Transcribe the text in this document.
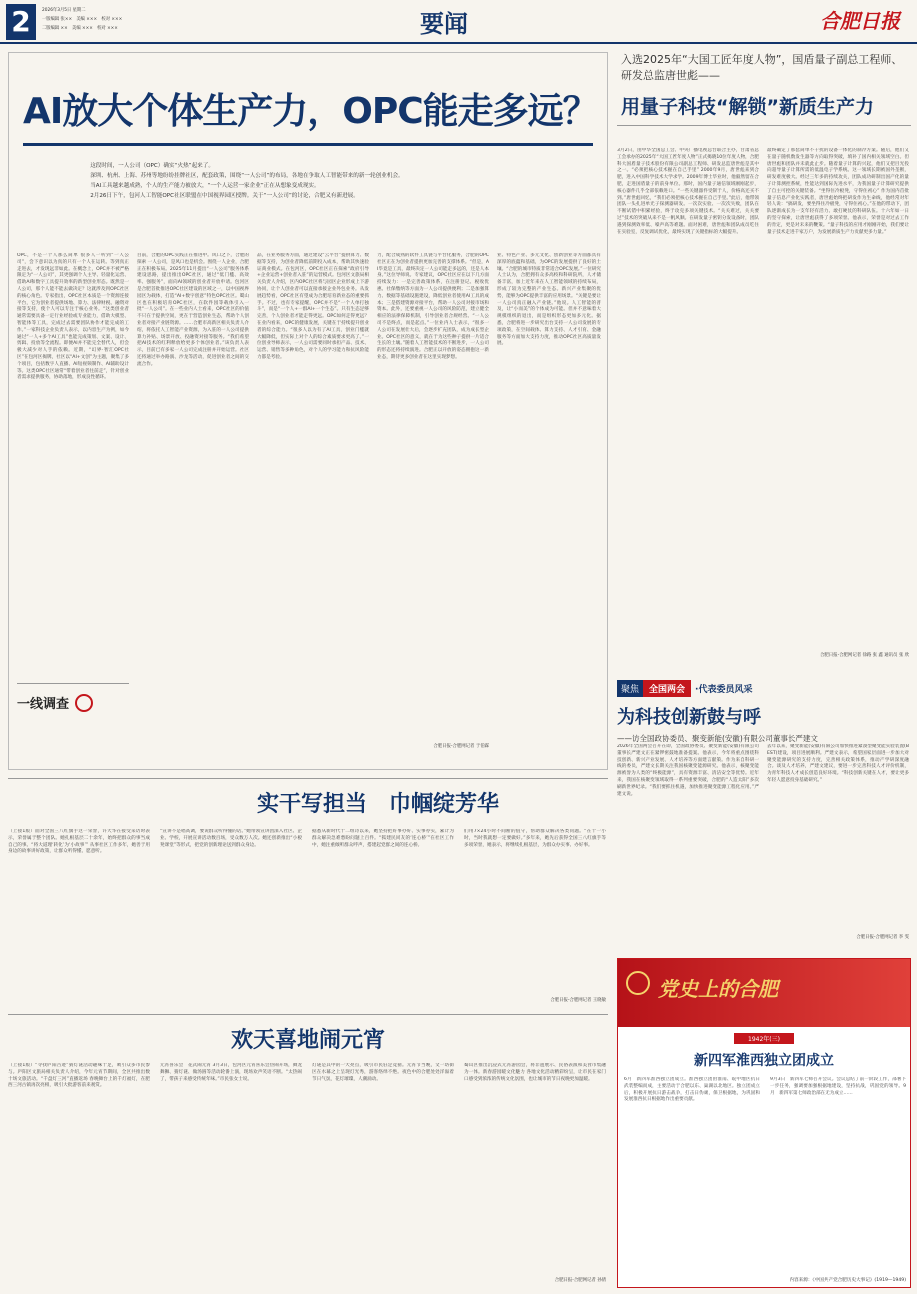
2	2026年3月5日 星期二
一版编辑 张××　美编 ×××　校对 ×××
二版编辑 ××　美编 ×××　校对 ×××	要闻	合肥日报
AI放大个体生产力，OPC能走多远？

这段时间，一人公司（OPC）确实“火热”起来了。

深圳、杭州、上海、苏州等地纷纷挂牌社区，配套政策，围绕“一人公司”的布局，各地在争取人工智能带来的新一轮创业机会。

当AI工具越来越成熟，个人的生产能力被放大，“一个人运营一家企业”正在从想象变成现实。

2月26日下午，包河人工智能OPC社区联盟在中国视界园区授牌。关于“一人公司”的讨论，合肥又有新进展。

OPC，不是一个人那么简单 很多人一听到“一人公司”，会下意识以为真的只有一个人在运转。等到真正走进去，才发现远非如此。在概念上，OPC并不被严格限定为“一人公司”，其更强调个人主导、轻量化运营、借助AI和数字工具提升效率的新型创业形态。既然是一人公司，那个人能不能去做决定？这就涉及到OPC社区的核心角色。专家指出，OPC社区本质是一个资源连接平台，它为创业者提供场地、算力、法律财税、融资对接等支持，使个人可以专注于核心业务。“这类创业者通常需要具备一定行业经验或专业能力，借助大模型、智能体等工具，完成过去需要团队协作才能完成的工作。”一家科技企业负责人表示，以内容生产为例，如今通过“一人+多个AI工具”也能完成策划、文案、设计、剪辑、投放等全流程。即便AI并不能完全替代人，但会极大减少对人手的依赖。近期，“幻界·智汇OPC社区”在包河区揭牌，社区以“AI+文创”为主题，聚集了多个项目，包括数字人直播、AI短视频制作、AI辅助设计等。这类OPC社区通常“带着创业者往前走”，针对创业者需求提供服务，协助落地，形成良性循环。
一线调查
目前，合肥的OPC实践正在推进中。风口之下，合肥的探索 一人公司，是风口也是机会。围绕一人企业，合肥正在积极布局。2025年11月提出“一人公司”服务体系建设思路，提出推出OPC社区，通过“低门槛、高效率、强服务”，面向AI领域的创业者开放申请。包河区是合肥首批推进OPC社区建设的区域之一，以中国视界园区为载体，打造“AI+数字创意”特色OPC社区。蜀山区也在积极培育OPC社区，在软件园等载体引入一批“一人公司”。在一些业内人士看来，OPC社区的价值不只在于提供空间，更在于营造创业生态，帮助个人创业者对接产业链资源。……合肥市高新区相关负责人介绍，将依托人工智能产业资源，为入驻的一人公司提供算力补贴、场景开放、投融资对接等服务。“我们希望把AI技术的红利释放给更多个体创业者。”该负责人表示，目前已有多家一人公司完成注册并开始运营。社区还将通过举办路演、沙龙等活动，促进创业者之间的交流合作。
品，在业务服务方面，通过建设“云平台”提供算力、数据等支持，为创业者降低前期投入成本，帮助其快速验证商业模式。在包河区，OPC社区正在探索“政府引导+企业运营+创业者入驻”的运营模式。包河区文旅局相关负责人介绍，区内OPC社区将与园区企业形成上下游协同，让个人创业者可以直接承接企业外包业务。从发展趋势看，OPC社区有望成为合肥培育新业态的重要抓手。不过，也有专家提醒，OPC并不是“一个人单打独斗”，而是“一个人+一群AI+一个生态”。只有生态足够完善，个人创业者才能走得更远。OPC如何走得更远？在业内看来，OPC的健康发展，关键在于持续提升创业者的综合能力。“很多人以为有了AI工具，创业门槛就大幅降低，但实际上对个人的综合素质要求更高了。”一位创业导师表示，一人公司需要同时承担产品、技术、运营、销售等多种角色，对个人的学习能力和抗风险能力都是考验。
力，配合成熟的软件工具链与平台化服务，合肥的OPC社区正在为创业者提供更加完善的支撑体系。“但是，AI毕竟是工具，最终决定一人公司能走多远的，还是人本身。”这位导师说。专家建议，OPC社区应在以下几方面持续发力：一是完善政策体系，在注册登记、税收优惠、社保缴纳等方面为一人公司提供便利；二是加强算力、数据等基础设施建设，降低创业者使用AI工具的成本；三是搭建资源对接平台，帮助一人公司对接市场和资本。此外，还要重视一人公司的风险防范，建立健全相应的法律保障机制，引导创业者合规经营。“一人公司不是终点，而是起点。”一位业内人士表示，“很多一人公司在发展壮大后，会逐步扩充团队，成为成长型企业。OPC社区的意义，就在于为这些种子提供一片适合生长的土壤。”随着人工智能技术的不断进步，一人公司的形态还将持续演进。合肥正以开放的姿态拥抱这一新业态，期待更多创业者在这里实现梦想。
合肥日报-合肥网记者 于伯霖
业、特色产业、多元文化、创新创业等方面都具有深厚的底蕴和基础，为OPC的发展提供了良好的土壤。“合肥的城市特质非常适合OPC发展。”一位研究人士认为，合肥拥有众多高校和科研院所，人才储备丰富，加上近年来在人工智能领域的持续布局，形成了较为完整的产业生态。新兴产业集聚的优势，能够为OPC提供丰富的应用场景。“关键是要让一人公司真正融入产业链。”他说。人工智能的普及，让“小而美”的个体成为可能。但并不意味着大规模组织的退出，而是组织形态更加多元化。据悉，合肥将进一步研究出台支持一人公司发展的专项政策，在空间载体、算力支持、人才引育、金融服务等方面加大支持力度，推动OPC社区高质量发展。
入选2025年“大国工匠年度人物”，国盾量子副总工程师、研发总监唐世彪——
用量子科技“解锁”新质生产力
3月2日，由中华全国总工会、中央广播电视总台联合主办，甘肃省总工会承办的2025年“大国工匠年度人物”正式揭晓10位年度人物，合肥科大国盾量子技术股份有限公司副总工程师、研发总监唐世彪是其中之一。“必须把核心技术握在自己手里” 2000年9月，唐世彪来到合肥，进入中国科学技术大学求学。2009年博士毕业时，他毅然留在合肥，走进国盾量子的前身单位。那时，国内量子通信领域刚刚起步，核心器件几乎全部依赖进口。“一些关键器件受制于人，价格高还买不到。”唐世彪回忆，“我们必须把核心技术握在自己手里。”此后，他带领团队一头扎进单光子探测器研发。一次次实验、一次次失败，团队在不断试错中积累经验，终于攻克多项关键技术。“关关难过，关关要过”技术的突破从来不是一帆风顺。在研发量子密钥分发设备时，团队遇到探测效率低、噪声高等难题。面对困难，唐世彪和团队成员吃住在实验室，反复调试优化，最终实现了关键指标的大幅提升。
最终确定了那套简单不干扰的设备一体化的制冷方案。随后，他们又在量子随机数发生器等方向取得突破，填补了国内相关领域空白。但唐世彪和团队并未就此止步。随着量子计算的兴起，他们又把目光投向超导量子计算所需的低温电子学系统。这一领域长期被国外垄断，研发难度极大。经过三年多的持续攻关，团队成功研制出国产化的量子计算测控系统，性能达到国际先进水平，为我国量子计算研究提供了自主可控的关键装备。“坐得住冷板凳，守得住初心” 作为国内首批量子信息产业化实践者，唐世彪始终把研发作为生命线，他经常对年轻人说：“搞研发，要坐得住冷板凳，守得住初心。”在他的带动下，团队逐渐成长为一支年轻有活力、敢打硬仗的科研队伍。十六年如一日的坚守探索，让唐世彪获得了多项荣誉。他表示，荣誉是对过去工作的肯定，更是对未来的鞭策。“量子科技的应用才刚刚开始，我们要让量子技术走进千家万户，为发展新质生产力贡献更多力量。”
合肥日报-合肥网记者 徐路 张 鑫 通讯员 张 欣
聚焦	全国两会	·代表委员风采
为科技创新鼓与呼
——访全国政协委员、聚变新能(安徽)有限公司董事长严建文
2026年全国两会召开在即，全国政协委员、聚变新能(安徽)有限公司董事长严建文正在紧锣密鼓地准备提案。他表示，今年将重点围绕科技创新、新兴产业发展、人才培养等方面建言献策。作为来自科研一线的委员，严建文长期关注我国核聚变能源研究。他表示，核聚变能源被誉为人类的“终极能源”，具有资源丰富、清洁安全等优势。近年来，我国在核聚变领域取得一系列重要突破，合肥的“人造太阳”多次刷新世界纪录。“我们要抓住机遇，加快推进聚变能源工程化应用。”严建文说。
去年以来，聚变新能(安徽)有限公司加快推进紧凑型聚变能实验装置(BEST)建设，项目进展顺利。严建文表示，希望国家层面进一步加大对聚变能源研究的支持力度，完善相关政策体系，推动产学研深度融合。谈及人才培养，严建文建议，要进一步完善科技人才评价机制，为青年科技人才成长创造良好环境。“科技创新关键在人才，要让更多年轻人愿意投身基础研究。”
合肥日报-合肥网记者 李 雯
党史上的合肥
1942年(三)
新四军淮西独立团成立
6月　新四军淮西独立团成立。淮西独立团由淮南、皖中地区抗日武装整编而成，主要活动于合肥以东、巢湖以北地区。独立团成立后，积极开展抗日游击战争，打击日伪顽，保卫根据地，为巩固和发展淮西抗日根据地作出重要贡献。
9月3日　新四军七师召开会议。会议总结了前一阶段工作，部署下一步任务，强调要加强根据地建设，坚持抗战，巩固党的领导。9月　新四军第七师政治部在无为成立……
内容来源：《中国共产党合肥历史大事记》(1919—1949)
实干写担当　巾帼绽芳华
（上接1版）面对全国三八红旗手这一荣誉，许大华在接受采访时表示，荣誉属于整个团队。她扎根基层二十余年，始终把群众的事当成自己的事。“将大道理‘转化’为‘小故事’” 从事社区工作多年，她善于用身边的故事讲好政策，让群众听得懂、愿意听。
“宣讲不是唱高调，要说群众听得懂的话。”她带领宣讲团深入社区、企业、学校，开展宣讲活动数百场，受众数万人次。她还创新推出“小板凳课堂”等形式，把党的创新理论送到群众身边。
据悉从新时代十二组诗以来，她坚持把好事办好、实事办实，累计为群众解决急难愁盼问题上百件。“狐建民同友的‘连心桥’”在社区工作中，她注重倾听群众呼声，搭建起党群之间的连心桥。
们用7×24小时不间断的值守，帮助群众解决各类问题。“在十一小时，当时我就想一定要做好。”多年来，她先后获得全国三八红旗手等多项荣誉，她表示，将继续扎根基层，为群众办实事、办好事。
合肥日报-合肥网记者 王晓敏
欢天喜地闹元宵
（上接1版）“寻找庐阳古迹”猜灯谜活动趣味十足，吸引众多市民参与。庐阳区文旅局相关负责人介绍，今年元宵节期间，全区共推出数十场文旅活动。“千盘灯三河”直播返场 春晚舞台上的千灯福灯，在肥西三河古镇再次亮相，吸引大批游客前来观赏。
元宵喜乐会　花式闹元宵 3月3日，包河区元宵喜乐会热闹开场，舞龙舞狮、猜灯谜、做汤圆等活动轮番上演，现场欢声笑语不断。“太热闹了，带孩子来感受传统年味。”市民张女士说。
灯谜是其中的一大亮点，吸引市民驻足竞猜。元宵节当晚，文一坊街区在水幕之上呈现灯光秀，游客络绎不绝。夜色中的合肥处处洋溢着节日气氛，花灯璀璨，人潮涌动。
蜀山区推出沉浸式元宵游园会，将非遗展示、民俗表演和美食市集融为一体。新春游园暖文化魅力 各地文化活动精彩纷呈，让市民在家门口感受到浓浓的传统文化氛围，也让城市的节日夜晚更加温暖。
合肥日报-合肥网记者 孙倩
